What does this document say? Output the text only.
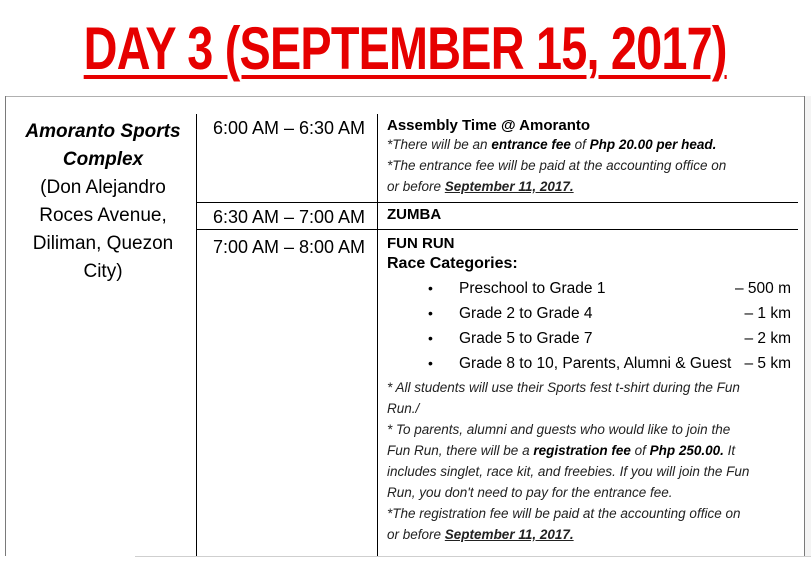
DAY 3 (SEPTEMBER 15, 2017)
Amoranto Sports
Complex
(Don Alejandro
Roces Avenue,
Diliman, Quezon
City)
6:00 AM – 6:30 AM	Assembly Time @ Amoranto
*There will be an entrance fee of Php 20.00 per head.
*The entrance fee will be paid at the accounting office on
or before September 11, 2017.
6:30 AM – 7:00 AM	ZUMBA
7:00 AM – 8:00 AM	FUN RUN
Race Categories:
• Preschool to Grade 1	– 500 m
• Grade 2 to Grade 4	– 1 km
• Grade 5 to Grade 7	– 2 km
• Grade 8 to 10, Parents, Alumni & Guest – 5 km
* All students will use their Sports fest t-shirt during the Fun
Run./
* To parents, alumni and guests who would like to join the
Fun Run, there will be a registration fee of Php 250.00. It
includes singlet, race kit, and freebies. If you will join the Fun
Run, you don't need to pay for the entrance fee.
*The registration fee will be paid at the accounting office on
or before September 11, 2017.
